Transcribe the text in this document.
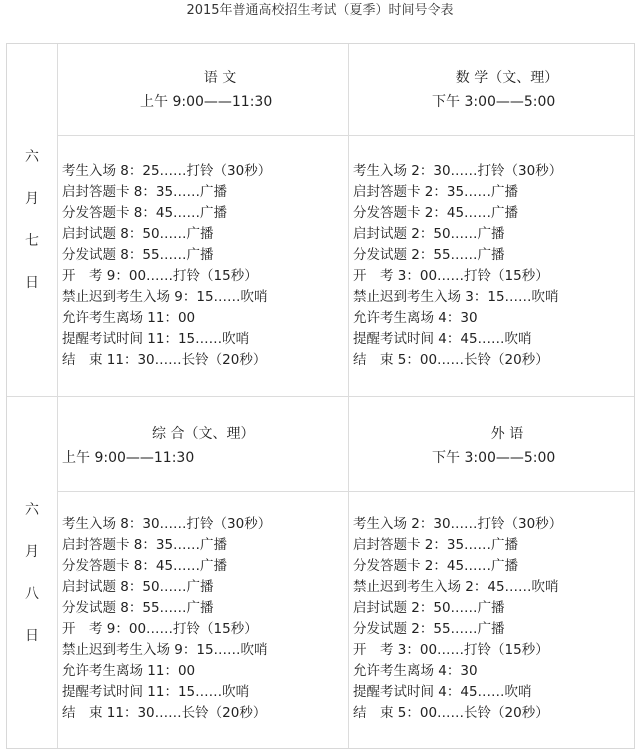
2015年普通高校招生考试（夏季）时间号令表
六
月
七
日
语 文
上午 9:00——11:30
数 学（文、理）
下午 3:00——5:00
考生入场 8：25……打铃（30秒）
启封答题卡 8：35……广播
分发答题卡 8：45……广播
启封试题 8：50……广播
分发试题 8：55……广播
开　考 9：00……打铃（15秒）
禁止迟到考生入场 9：15……吹哨
允许考生离场 11：00
提醒考试时间 11：15……吹哨
结　束 11：30……长铃（20秒）
考生入场 2：30……打铃（30秒）
启封答题卡 2：35……广播
分发答题卡 2：45……广播
启封试题 2：50……广播
分发试题 2：55……广播
开　考 3：00……打铃（15秒）
禁止迟到考生入场 3：15……吹哨
允许考生离场 4：30
提醒考试时间 4：45……吹哨
结　束 5：00……长铃（20秒）
六
月
八
日
综 合（文、理）
上午 9:00——11:30
外 语
下午 3:00——5:00
考生入场 8：30……打铃（30秒）
启封答题卡 8：35……广播
分发答题卡 8：45……广播
启封试题 8：50……广播
分发试题 8：55……广播
开　考 9：00……打铃（15秒）
禁止迟到考生入场 9：15……吹哨
允许考生离场 11：00
提醒考试时间 11：15……吹哨
结　束 11：30……长铃（20秒）
考生入场 2：30……打铃（30秒）
启封答题卡 2：35……广播
分发答题卡 2：45……广播
禁止迟到考生入场 2：45……吹哨
启封试题 2：50……广播
分发试题 2：55……广播
开　考 3：00……打铃（15秒）
允许考生离场 4：30
提醒考试时间 4：45……吹哨
结　束 5：00……长铃（20秒）
